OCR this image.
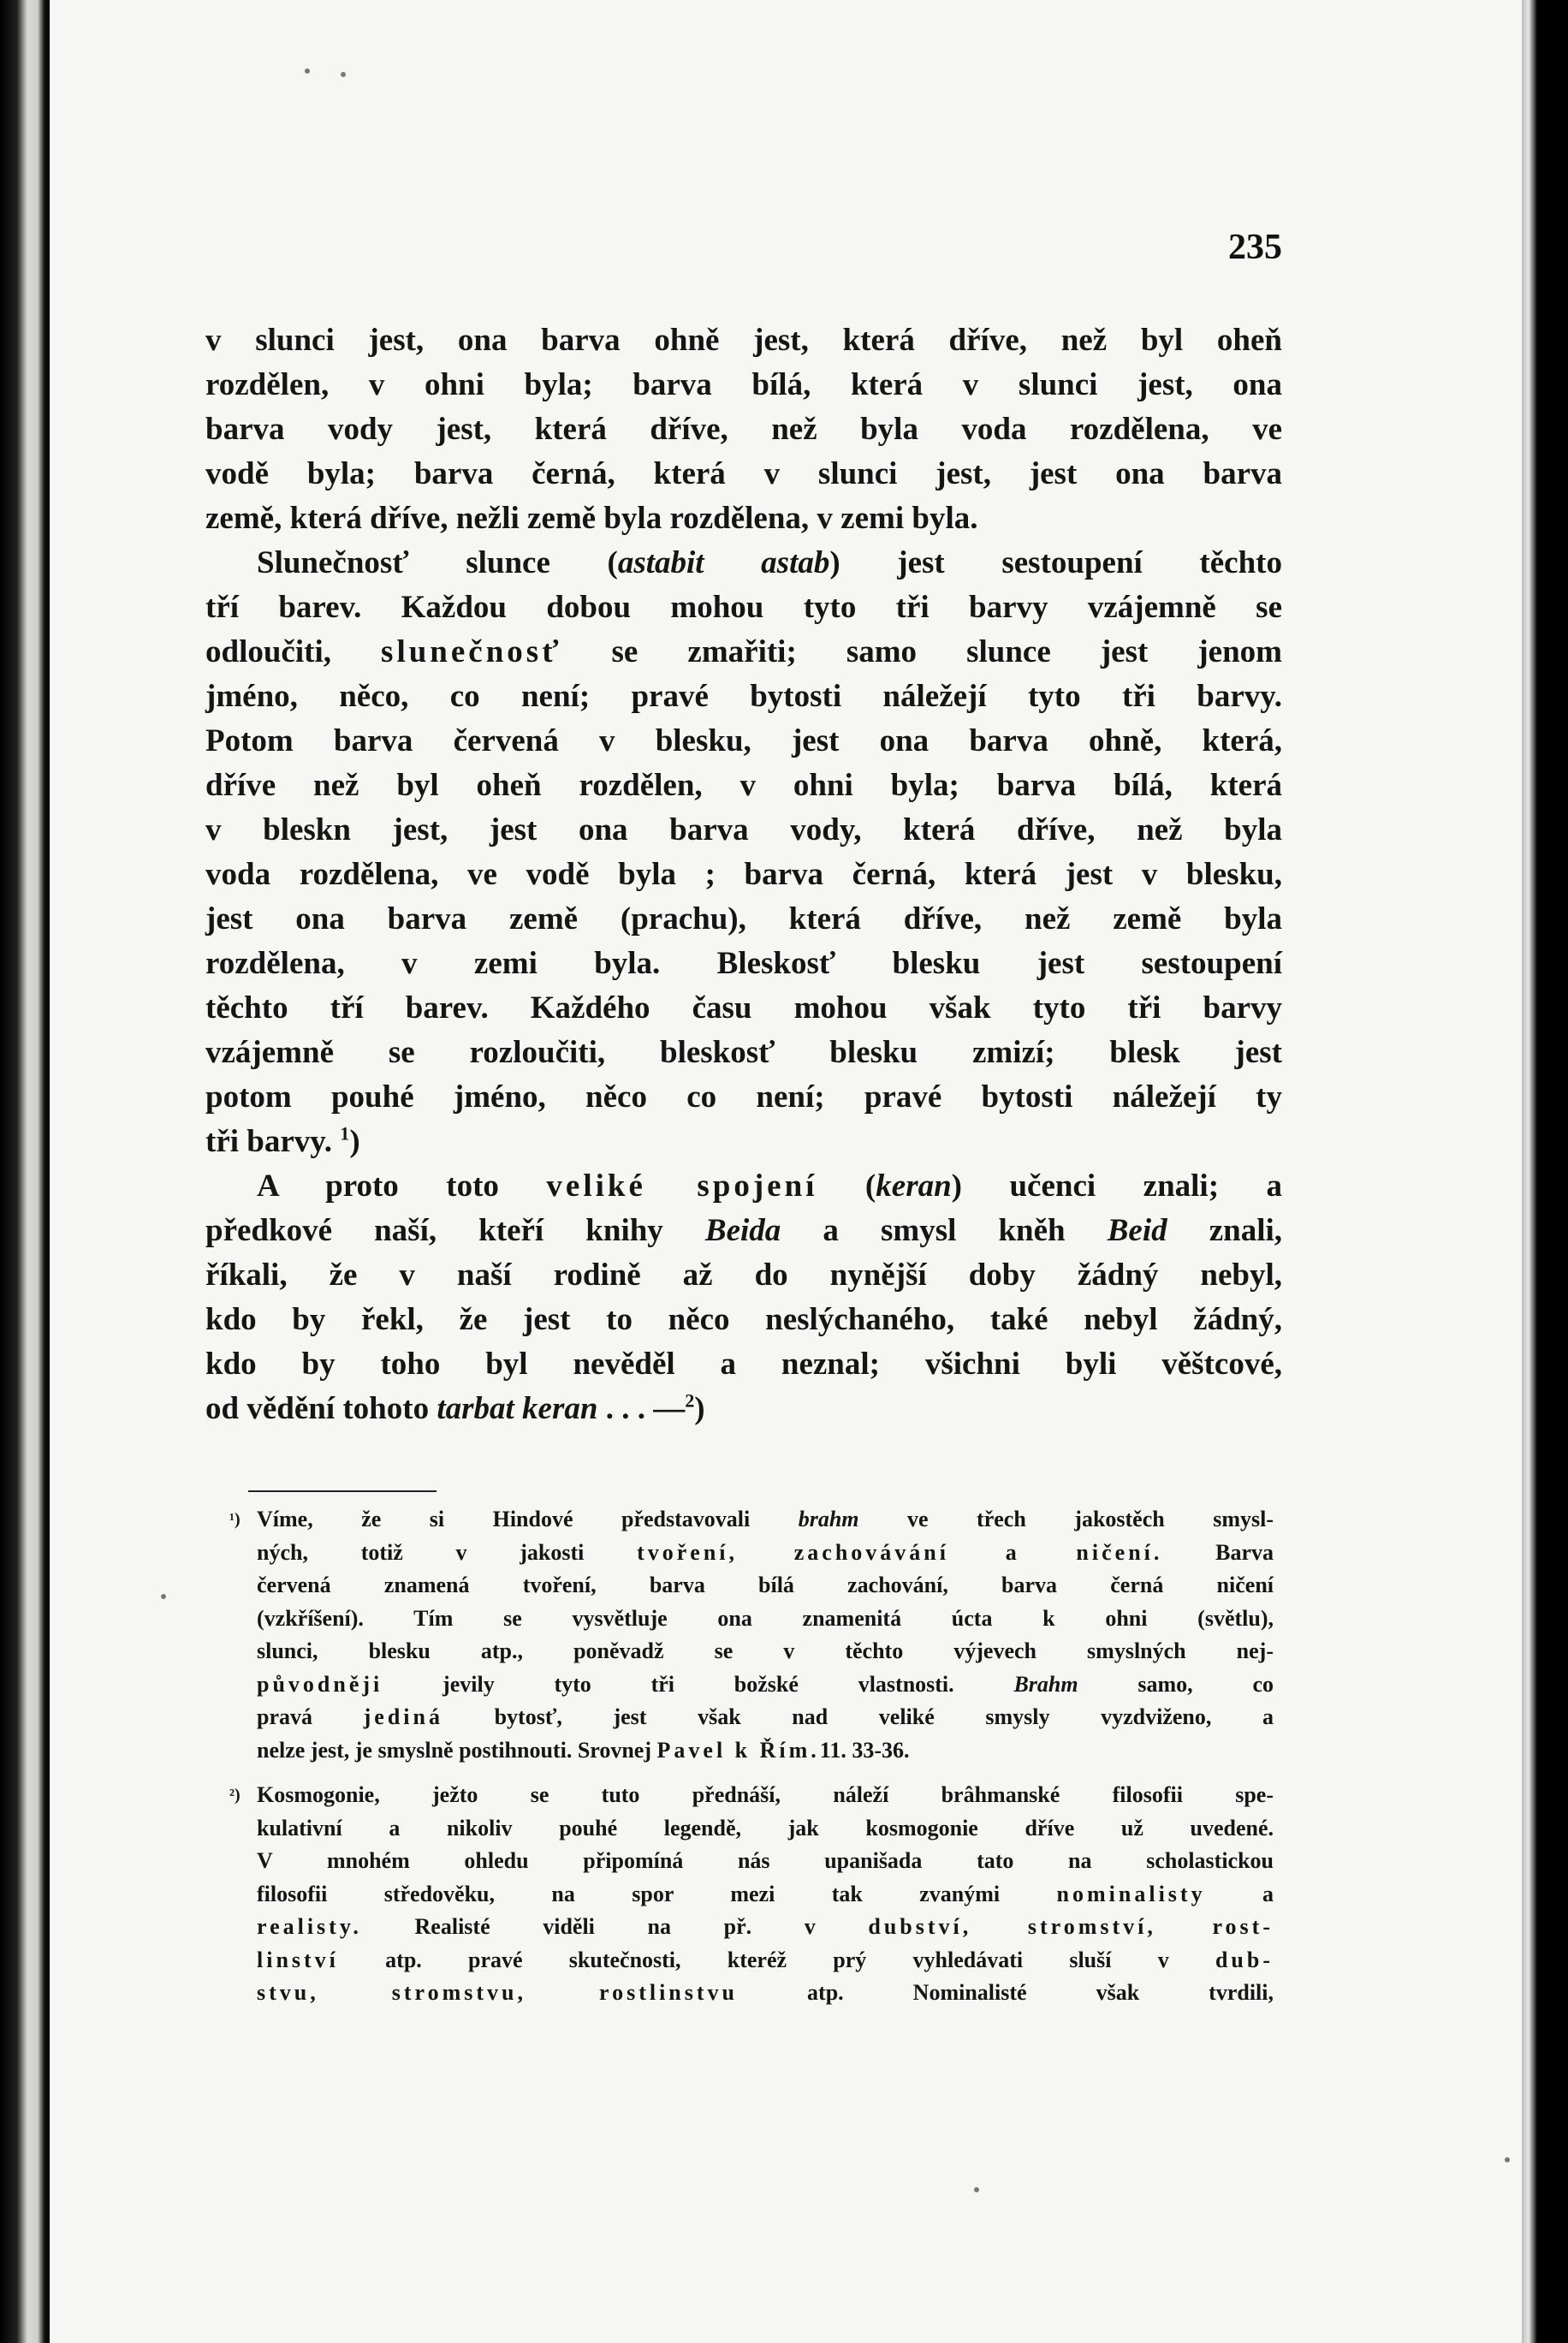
235
v slunci jest, ona barva ohně jest, která dříve, než byl oheň
rozdělen, v ohni byla; barva bílá, která v slunci jest, ona
barva vody jest, která dříve, než byla voda rozdělena, ve
vodě byla; barva černá, která v slunci jest, jest ona barva
země, která dříve, nežli země byla rozdělena, v zemi byla.
Slunečnosť slunce (astabit astab) jest sestoupení těchto
tří barev. Každou dobou mohou tyto tři barvy vzájemně se
odloučiti, slunečnosť se zmařiti; samo slunce jest jenom
jméno, něco, co není; pravé bytosti náležejí tyto tři barvy.
Potom barva červená v blesku, jest ona barva ohně, která,
dříve než byl oheň rozdělen, v ohni byla; barva bílá, která
v bleskn jest, jest ona barva vody, která dříve, než byla
voda rozdělena, ve vodě byla ; barva černá, která jest v blesku,
jest ona barva země (prachu), která dříve, než země byla
rozdělena, v zemi byla. Bleskosť blesku jest sestoupení
těchto tří barev. Každého času mohou však tyto tři barvy
vzájemně se rozloučiti, bleskosť blesku zmizí; blesk jest
potom pouhé jméno, něco co není; pravé bytosti náležejí ty
tři barvy. $^1$)
A proto toto veliké spojení (keran) učenci znali; a
předkové naší, kteří knihy Beida a smysl kněh Beid znali,
říkali, že v naší rodině až do nynější doby žádný nebyl,
kdo by řekl, že jest to něco neslýchaného, také nebyl žádný,
kdo by toho byl nevěděl a neznal; všichni byli věštcové,
od vědění tohoto tarbat keran . . . —$^2$)
¹) Víme, že si Hindové představovali brahm ve třech jakostěch smysl-
ných, totiž v jakosti tvoření, zachovávání a ničení. Barva
červená znamená tvoření, barva bílá zachování, barva černá ničení
(vzkříšení). Tím se vysvětluje ona znamenitá úcta k ohni (světlu),
slunci, blesku atp., poněvadž se v těchto výjevech smyslných nej-
původněji jevily tyto tři božské vlastnosti. Brahm samo, co
pravá jediná bytosť, jest však nad veliké smysly vyzdviženo, a
nelze jest, je smyslně postihnouti. Srovnej Pavel k Řím.11. 33-36.
²) Kosmogonie, ježto se tuto přednáší, náleží brâhmanské filosofii spe-
kulativní a nikoliv pouhé legendě, jak kosmogonie dříve už uvedené.
V mnohém ohledu připomíná nás upanišada tato na scholastickou
filosofii středověku, na spor mezi tak zvanými nominalisty a
realisty. Realisté viděli na př. v dubství, stromství, rost-
linství atp. pravé skutečnosti, kteréž prý vyhledávati sluší v dub-
stvu, stromstvu, rostlinstvu atp. Nominalisté však tvrdili,
